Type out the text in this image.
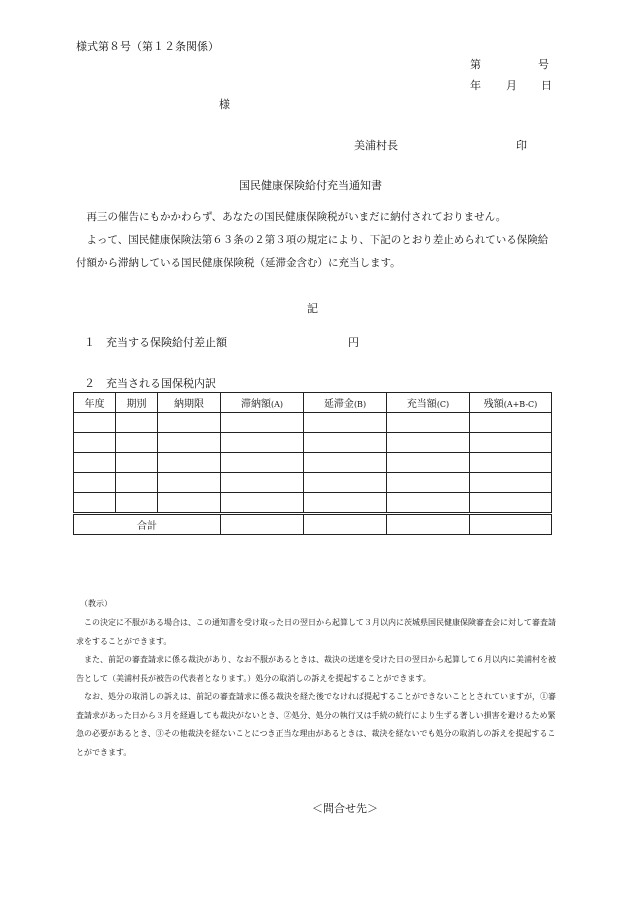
様式第８号（第１２条関係）
第	号
年 月 日
様
美浦村長	印
国民健康保険給付充当通知書

再三の催告にもかかわらず、あなたの国民健康保険税がいまだに納付されておりません。

よって、国民健康保険法第６３条の２第３項の規定により、下記のとおり差止められている保険給付額から滞納している国民健康保険税（延滞金含む）に充当します。

記
１　充当する保険給付差止額	円
２　充当される国保税内訳
年度	期別	納期限	滞納額(A)	延滞金(B)	充当額(C)	残額(A+B-C)

合計						
（教示）

この決定に不服がある場合は、この通知書を受け取った日の翌日から起算して３月以内に茨城県国民健康保険審査会に対して審査請求をすることができます。

また、前記の審査請求に係る裁決があり、なお不服があるときは、裁決の送達を受けた日の翌日から起算して６月以内に美浦村を被告として（美浦村長が被告の代表者となります。）処分の取消しの訴えを提起することができます。

なお、処分の取消しの訴えは、前記の審査請求に係る裁決を経た後でなければ提起することができないこととされていますが，①審査請求があった日から３月を経過しても裁決がないとき、②処分、処分の執行又は手続の続行により生ずる著しい損害を避けるため緊急の必要があるとき、③その他裁決を経ないことにつき正当な理由があるときは、裁決を経ないでも処分の取消しの訴えを提起することができます。

＜問合せ先＞
